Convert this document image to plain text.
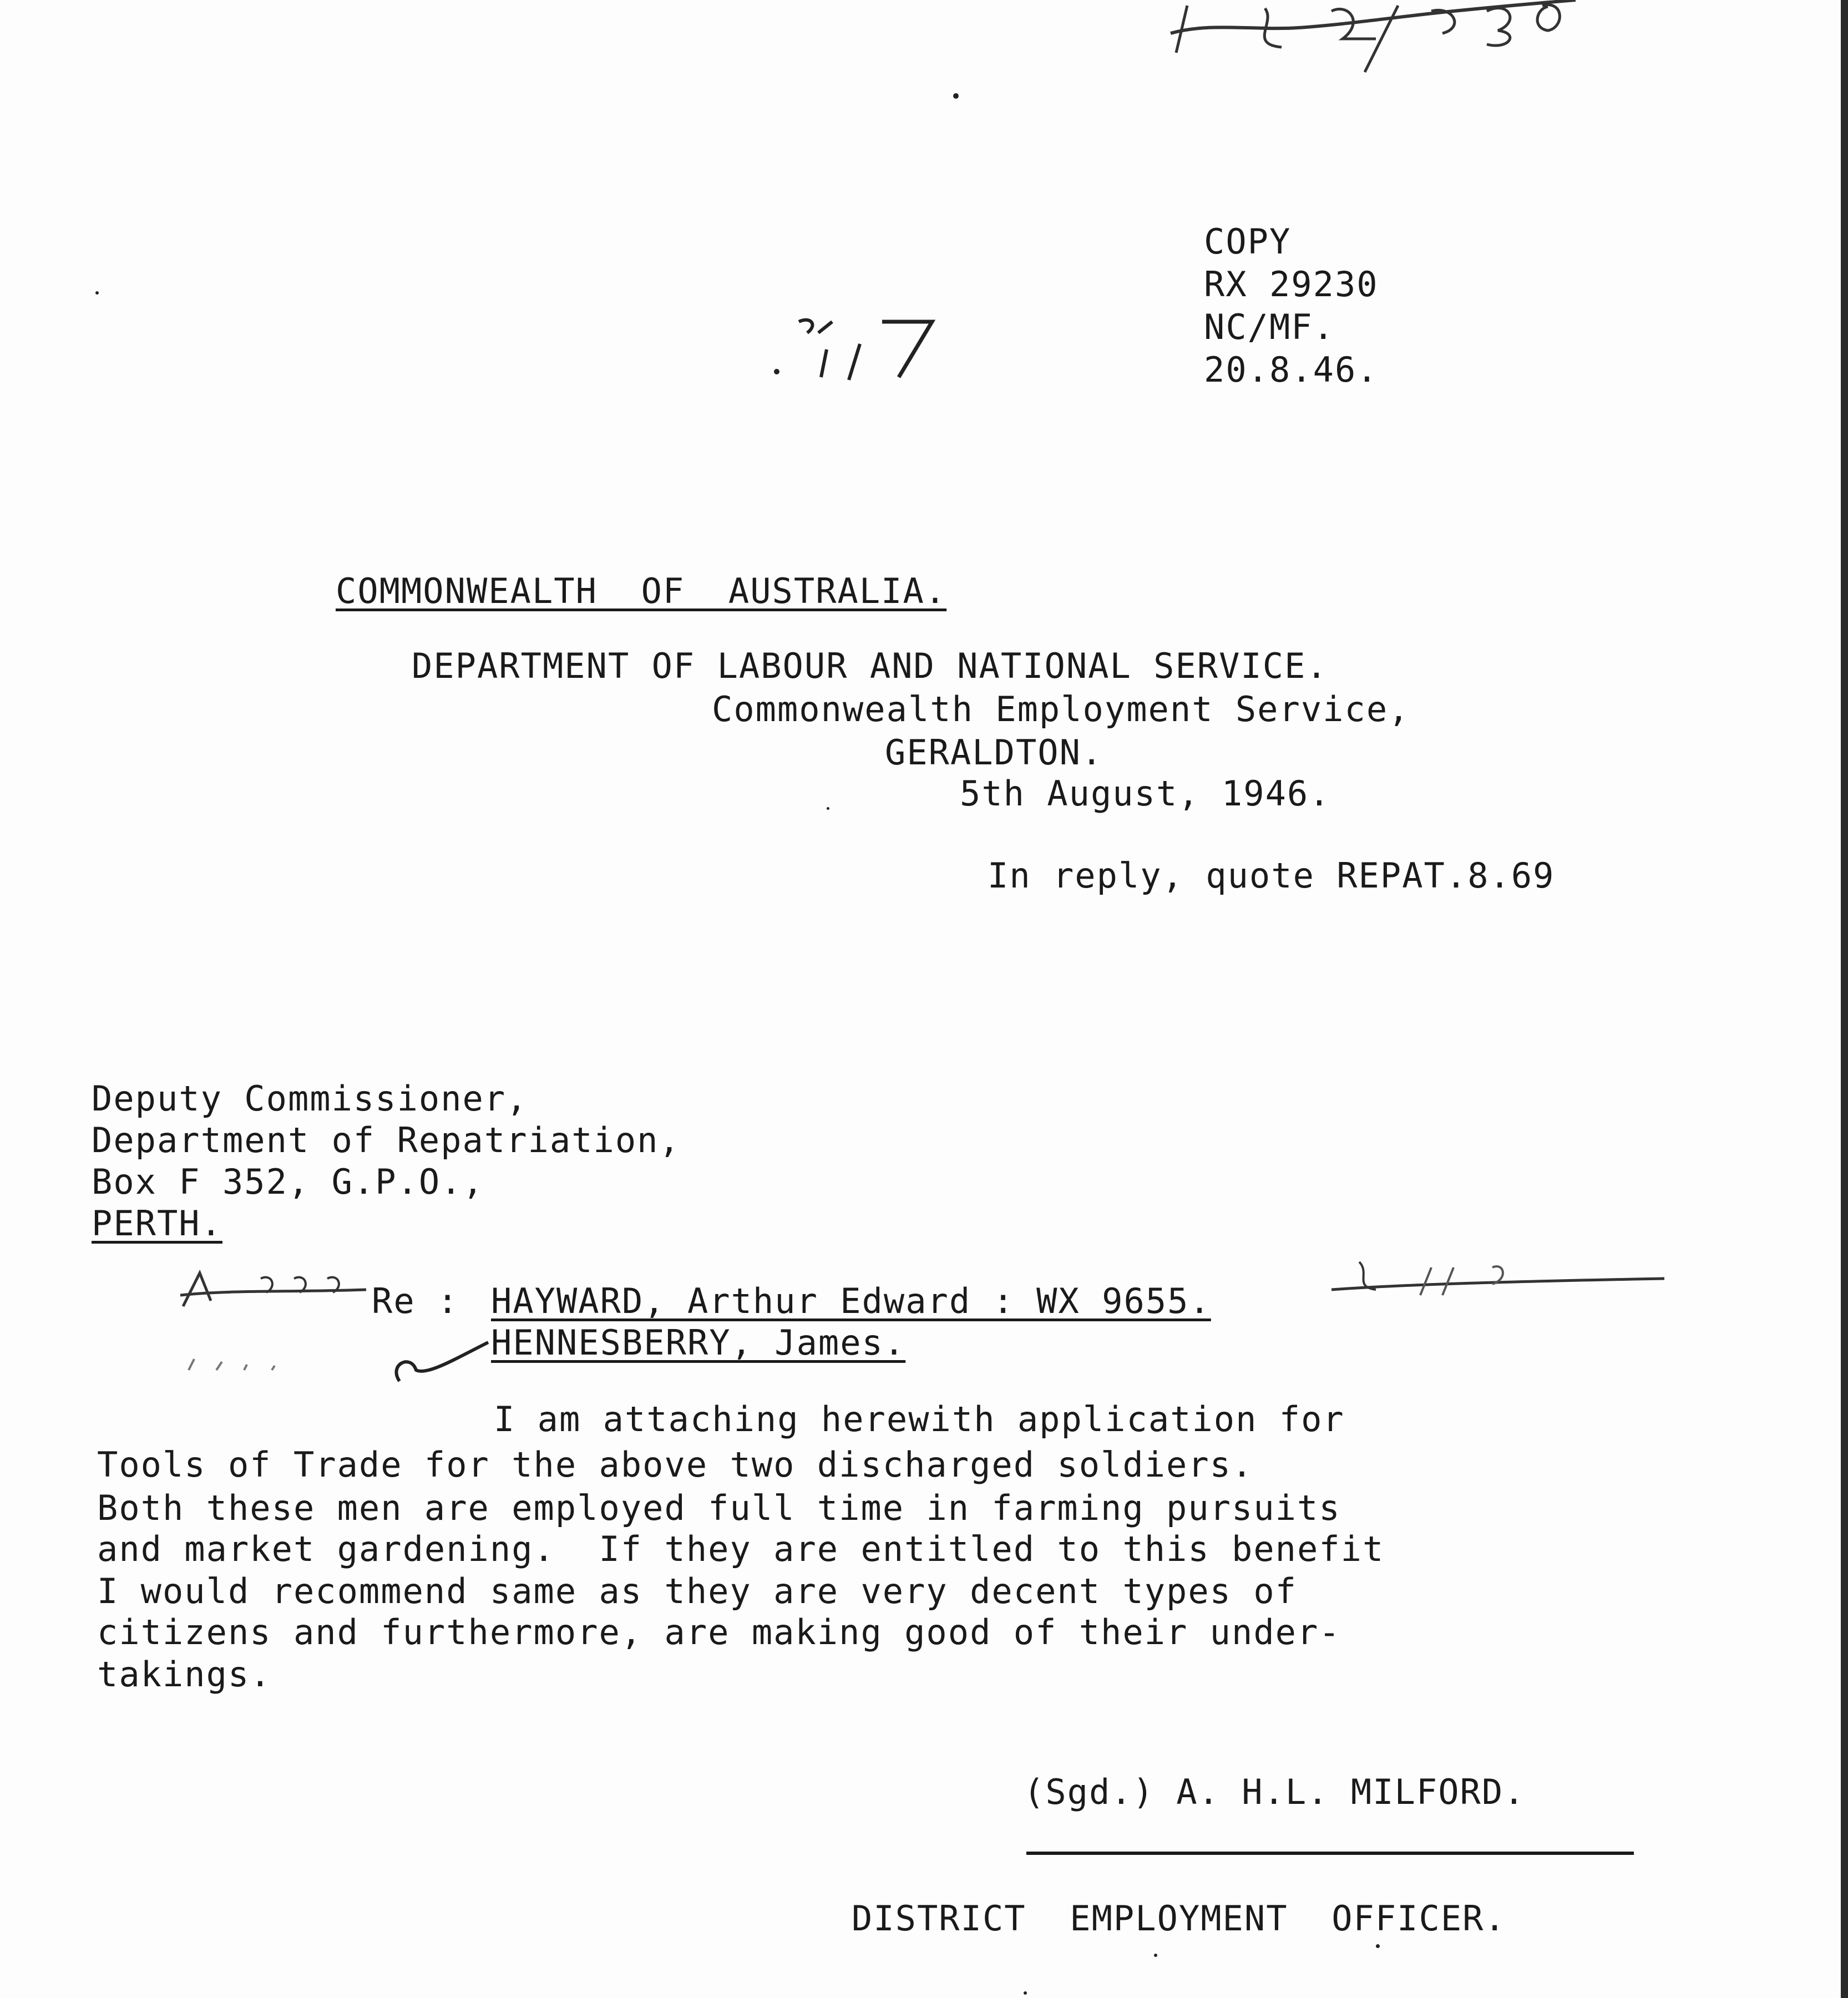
COPY
RX 29230
NC/MF.
20.8.46.
COMMONWEALTH  OF  AUSTRALIA.
DEPARTMENT OF LABOUR AND NATIONAL SERVICE.
Commonwealth Employment Service,
GERALDTON.
5th August, 1946.
In reply, quote REPAT.8.69
Deputy Commissioner,
Department of Repatriation,
Box F 352, G.P.O.,
PERTH.
Re : HAYWARD, Arthur Edward : WX 9655.
HENNESBERRY, James.
I am attaching herewith application for
Tools of Trade for the above two discharged soldiers.
Both these men are employed full time in farming pursuits
and market gardening.  If they are entitled to this benefit
I would recommend same as they are very decent types of
citizens and furthermore, are making good of their under-
takings.
(Sgd.) A. H.L. MILFORD.
DISTRICT  EMPLOYMENT  OFFICER.
